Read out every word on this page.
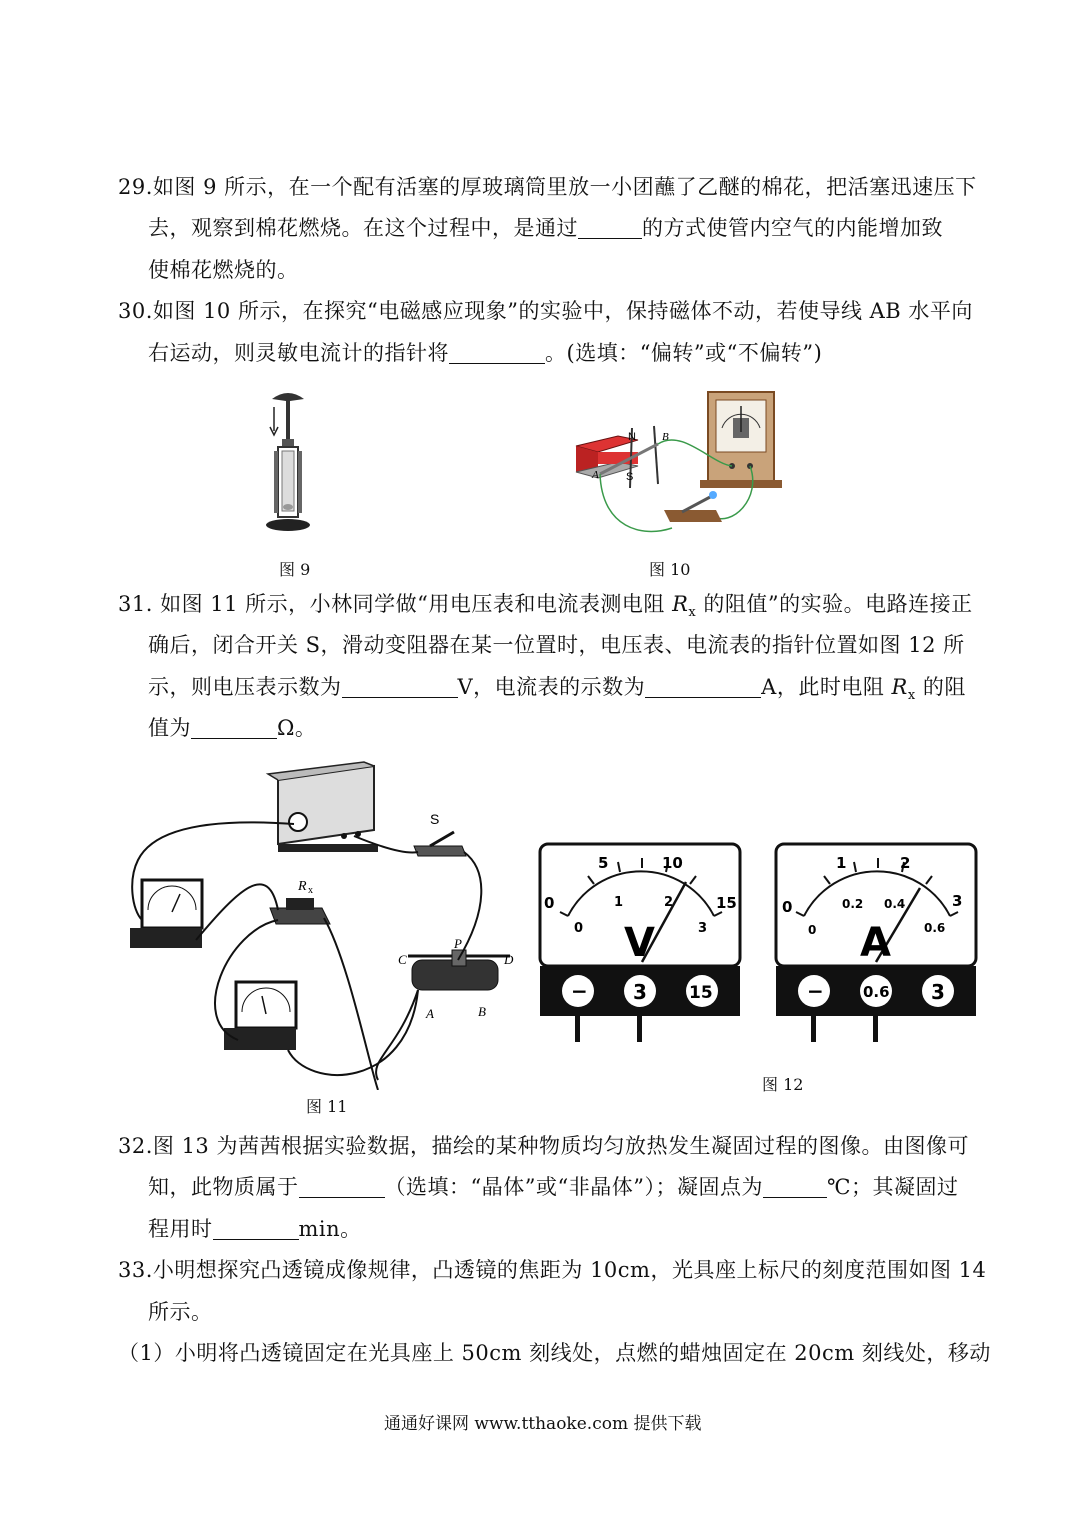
29.如图 9 所示，在一个配有活塞的厚玻璃筒里放一小团蘸了乙醚的棉花，把活塞迅速压下
去，观察到棉花燃烧。在这个过程中，是通过	的方式使管内空气的内能增加致
使棉花燃烧的。
30.如图 10 所示，在探究“电磁感应现象”的实验中，保持磁体不动，若使导线 AB 水平向
右运动，则灵敏电流计的指针将	。(选填：“偏转”或“不偏转”)
图 9
N
S
A
B
图 10
31. 如图 11 所示，小林同学做“用电压表和电流表测电阻 $R_x$ 的阻值”的实验。电路连接正
确后，闭合开关 S，滑动变阻器在某一位置时，电压表、电流表的指针位置如图 12 所
示，则电压表示数为	V，电流表的示数为	A，此时电阻 $R_x$ 的阻
值为	Ω。
S
R x
C
P
D
A	B
图 11
0
5	10
15
0
1	2
3
V
− 3 15
0
1	2
3
0
0.2 0.4
0.6
A
−	0.6 3
图 12
32.图 13 为茜茜根据实验数据，描绘的某种物质均匀放热发生凝固过程的图像。由图像可
知，此物质属于	（选填：“晶体”或“非晶体”）；凝固点为	℃；其凝固过
程用时	min。
33.小明想探究凸透镜成像规律，凸透镜的焦距为 10cm，光具座上标尺的刻度范围如图 14
所示。
（1）小明将凸透镜固定在光具座上 50cm 刻线处，点燃的蜡烛固定在 20cm 刻线处，移动
通通好课网 www.tthaoke.com 提供下载
